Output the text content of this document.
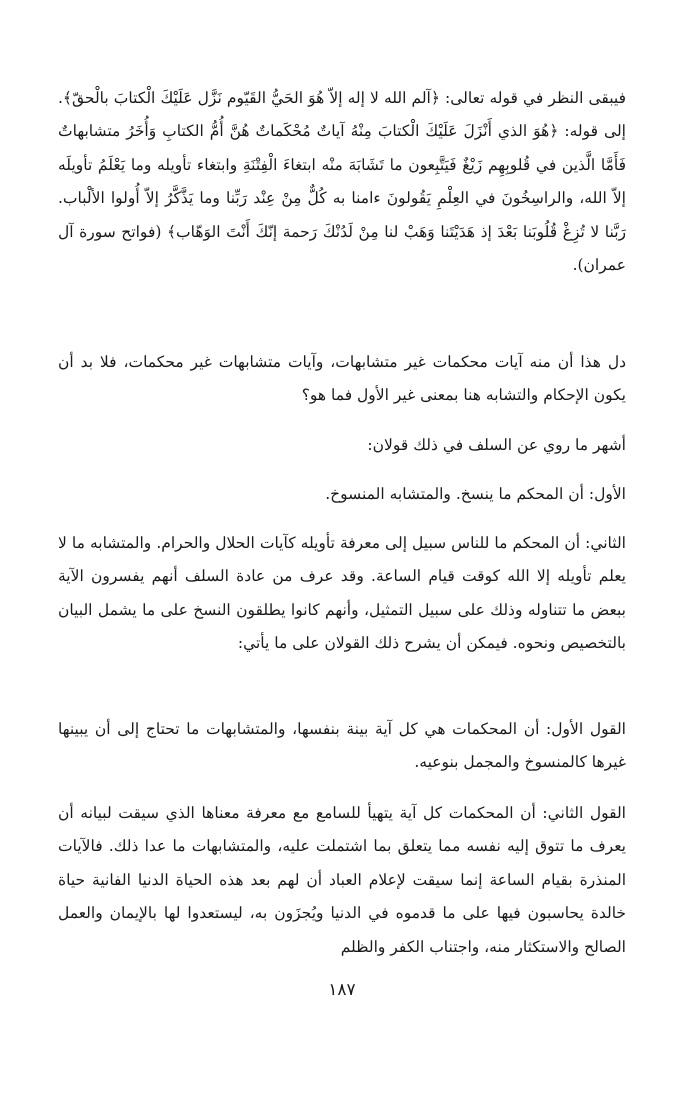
فيبقى النظر في قوله تعالى: ﴿آلم الله لا إله إلاّ هُوَ الحَيُّ القَيّوم نَزَّل عَلَيْكَ الْكتابَ بالْحقّ﴾. إلى قوله: ﴿هُوَ الذي أَنْزَلَ عَلَيْكَ الْكتابَ مِنْهُ آياتٌ مُحْكَماتٌ هُنَّ أُمُّ الكتابِ وَأُخَرُ متشابهاتٌ فَأَمَّا الَّذين في قُلوبِهِم زَيْغٌ فَيَتَّبِعون ما تَشَابَهَ منْه ابتغاءَ الْفِتْنَةِ وابتغاء تأويله وما يَعْلَمُ تأويلَه إلاّ الله، والراسِخُونَ في العِلْمِ يَقُولونَ ءامنا به كُلٌّ مِنْ عِنْد رَبِّنا وما يَذَّكَّرُ إلاّ أُولوا الألْباب. رَبَّنا لا تُزِغْ قُلُوبَنا بَعْدَ إذ هَدَيْتَنا وَهَبْ لنا مِنْ لَدُنْكَ رَحمة إنّكَ أَنْتَ الوَهّاب﴾ (فواتح سورة آل عمران).

دل هذا أن منه آيات محكمات غير متشابهات، وآيات متشابهات غير محكمات، فلا بد أن يكون الإحكام والتشابه هنا بمعنى غير الأول فما هو؟

أشهر ما روي عن السلف في ذلك قولان:

الأول: أن المحكم ما ينسخ. والمتشابه المنسوخ.

الثاني: أن المحكم ما للناس سبيل إلى معرفة تأويله كآيات الحلال والحرام. والمتشابه ما لا يعلم تأويله إلا الله كوقت قيام الساعة. وقد عرف من عادة السلف أنهم يفسرون الآية ببعض ما تتناوله وذلك على سبيل التمثيل، وأنهم كانوا يطلقون النسخ على ما يشمل البيان بالتخصيص ونحوه. فيمكن أن يشرح ذلك القولان على ما يأتي:

القول الأول: أن المحكمات هي كل آية بينة بنفسها، والمتشابهات ما تحتاج إلى أن يبينها غيرها كالمنسوخ والمجمل بنوعيه.

القول الثاني: أن المحكمات كل آية يتهيأ للسامع مع معرفة معناها الذي سيقت لبيانه أن يعرف ما تتوق إليه نفسه مما يتعلق بما اشتملت عليه، والمتشابهات ما عدا ذلك. فالآيات المنذرة بقيام الساعة إنما سيقت لإعلام العباد أن لهم بعد هذه الحياة الدنيا الفانية حياة خالدة يحاسبون فيها على ما قدموه في الدنيا ويُجزَون به، ليستعدوا لها بالإيمان والعمل الصالح والاستكثار منه، واجتناب الكفر والظلم

١٨٧
